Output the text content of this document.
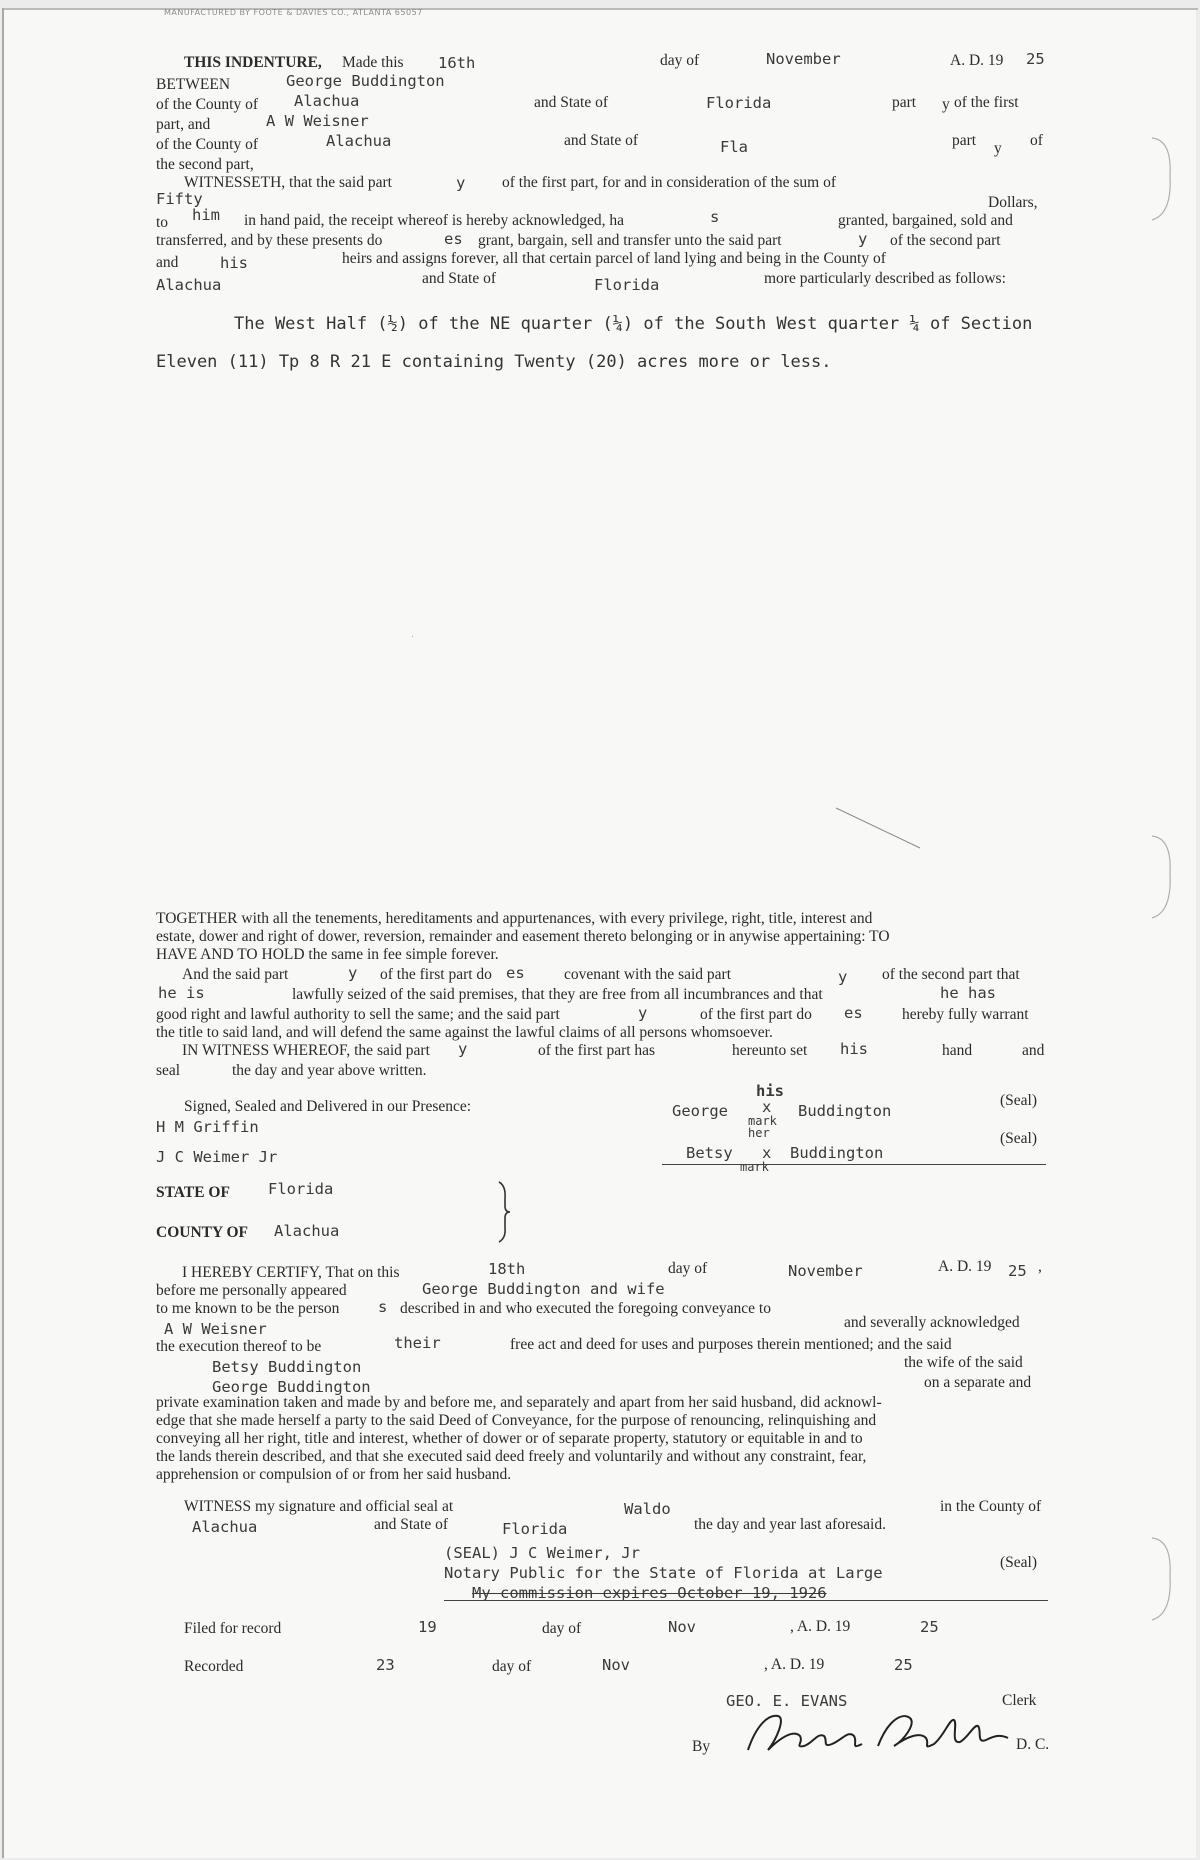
MANUFACTURED BY FOOTE & DAVIES CO., ATLANTA 65057
THIS INDENTURE, Made this 16th	day of	November	A. D. 19 25
BETWEEN	George Buddington
of the County of Alachua	and State of	Florida	part y of the first
part, and	A W Weisner
of the County of	Alachua	and State of	Fla	part y of
the second part,
WITNESSETH, that the said part	y of the first part, for and in consideration of the sum of
Fifty	Dollars,
to him in hand paid, the receipt whereof is hereby acknowledged, ha	s	granted, bargained, sold and
transferred, and by these presents do	es grant, bargain, sell and transfer unto the said part	y of the second part
and	his	heirs and assigns forever, all that certain parcel of land lying and being in the County of
Alachua	and State of	Florida	more particularly described as follows:
The West Half (½) of the NE quarter (¼) of the South West quarter ¼ of Section
Eleven (11) Tp 8 R 21 E containing Twenty (20) acres more or less.
·
TOGETHER with all the tenements, hereditaments and appurtenances, with every privilege, right, title, interest and
estate, dower and right of dower, reversion, remainder and easement thereto belonging or in anywise appertaining: TO
HAVE AND TO HOLD the same in fee simple forever.
And the said part	y of the first part do es	covenant with the said part	y of the second part that
he is	lawfully seized of the said premises, that they are free from all incumbrances and that	he has
good right and lawful authority to sell the same; and the said part	y	of the first part do es	hereby fully warrant
the title to said land, and will defend the same against the lawful claims of all persons whomsoever.
IN WITNESS WHEREOF, the said part y	of the first part has	hereunto set his	hand	and
seal	the day and year above written.
Signed, Sealed and Delivered in our Presence:
H M Griffin
J C Weimer Jr
his
George x Buddington
mark
(Seal)
her
Betsy x Buddington
mark
(Seal)
STATE OF Florida
COUNTY OF Alachua
I HEREBY CERTIFY, That on this	18th	day of	November	A. D. 19 25 ,
before me personally appeared	George Buddington and wife
to me known to be the person s described in and who executed the foregoing conveyance to
A W Weisner	and severally acknowledged
the execution thereof to be	their	free act and deed for uses and purposes therein mentioned; and the said
Betsy Buddington	the wife of the said
George Buddington	on a separate and
private examination taken and made by and before me, and separately and apart from her said husband, did acknowl-
edge that she made herself a party to the said Deed of Conveyance, for the purpose of renouncing, relinquishing and
conveying all her right, title and interest, whether of dower or of separate property, statutory or equitable in and to
the lands therein described, and that she executed said deed freely and voluntarily and without any constraint, fear,
apprehension or compulsion of or from her said husband.
WITNESS my signature and official seal at	Waldo	in the County of
Alachua	and State of	Florida	the day and year last aforesaid.
(SEAL) J C Weimer, Jr
Notary Public for the State of Florida at Large
My commission expires October 19, 1926
(Seal)
Filed for record	19	day of	Nov	, A. D. 19	25
Recorded	23	day of	Nov	, A. D. 19	25
GEO. E. EVANS	Clerk
By	D. C.
